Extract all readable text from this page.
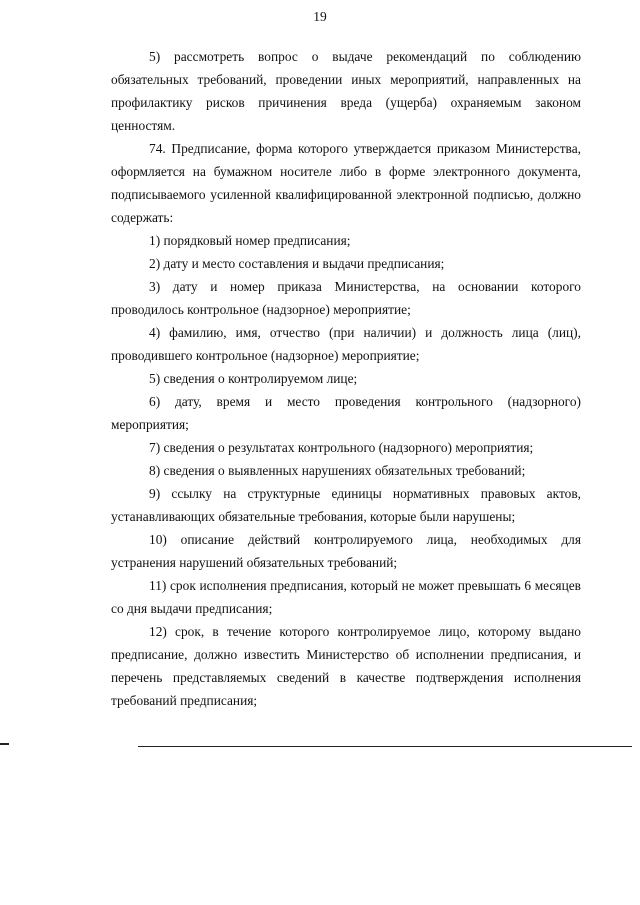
19

5) рассмотреть вопрос о выдаче рекомендаций по соблюдению обязательных требований, проведении иных мероприятий, направленных на профилактику рисков причинения вреда (ущерба) охраняемым законом ценностям.

74. Предписание, форма которого утверждается приказом Министерства, оформляется на бумажном носителе либо в форме электронного документа, подписываемого усиленной квалифицированной электронной подписью, должно содержать:

1) порядковый номер предписания;

2) дату и место составления и выдачи предписания;

3) дату и номер приказа Министерства, на основании которого проводилось контрольное (надзорное) мероприятие;

4) фамилию, имя, отчество (при наличии) и должность лица (лиц), проводившего контрольное (надзорное) мероприятие;

5) сведения о контролируемом лице;

6) дату, время и место проведения контрольного (надзорного) мероприятия;

7) сведения о результатах контрольного (надзорного) мероприятия;

8) сведения о выявленных нарушениях обязательных требований;

9) ссылку на структурные единицы нормативных правовых актов, устанавливающих обязательные требования, которые были нарушены;

10) описание действий контролируемого лица, необходимых для устранения нарушений обязательных требований;

11) срок исполнения предписания, который не может превышать 6 месяцев со дня выдачи предписания;

12) срок, в течение которого контролируемое лицо, которому выдано предписание, должно известить Министерство об исполнении предписания, и перечень представляемых сведений в качестве подтверждения исполнения требований предписания;
